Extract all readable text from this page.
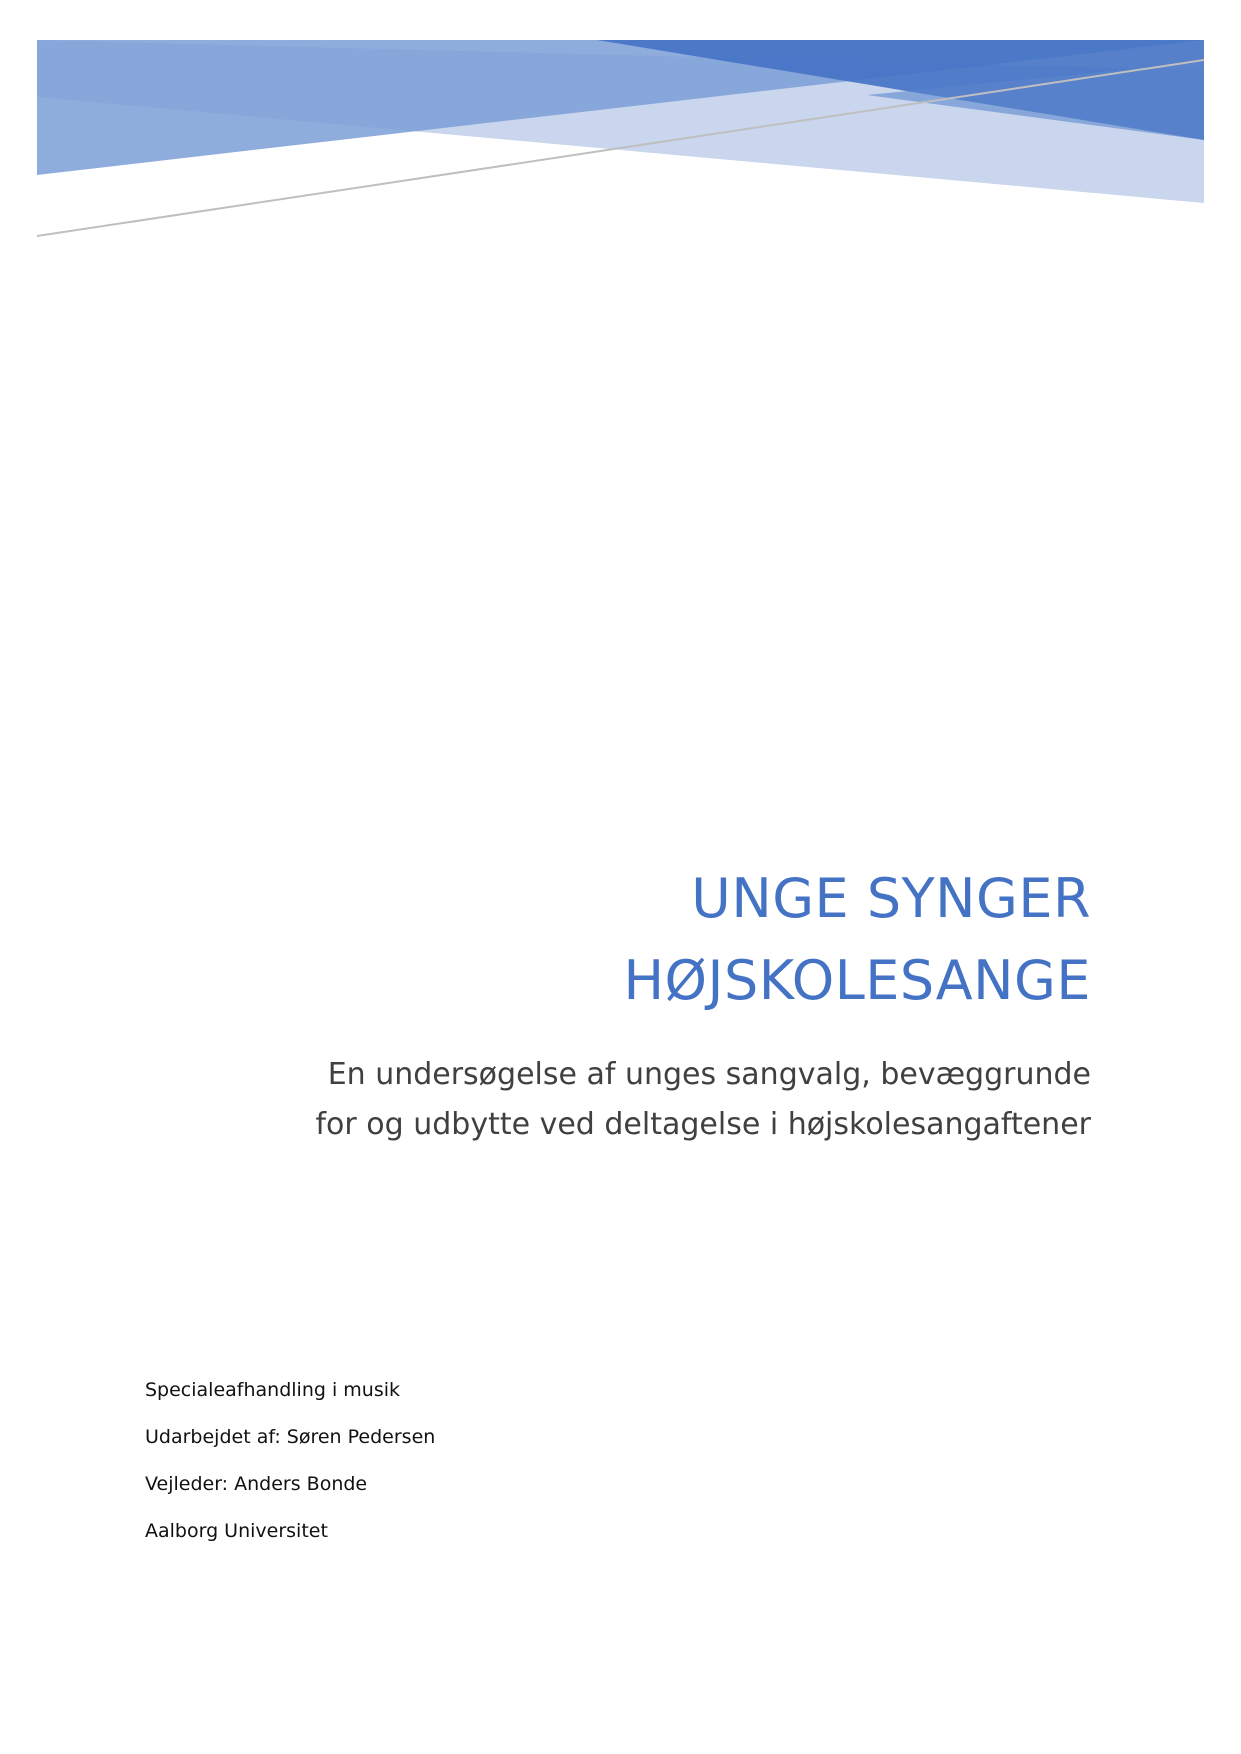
UNGE SYNGER
HØJSKOLESANGE
En undersøgelse af unges sangvalg, bevæggrunde
for og udbytte ved deltagelse i højskolesangaftener
Specialeafhandling i musik
Udarbejdet af: Søren Pedersen
Vejleder: Anders Bonde
Aalborg Universitet
